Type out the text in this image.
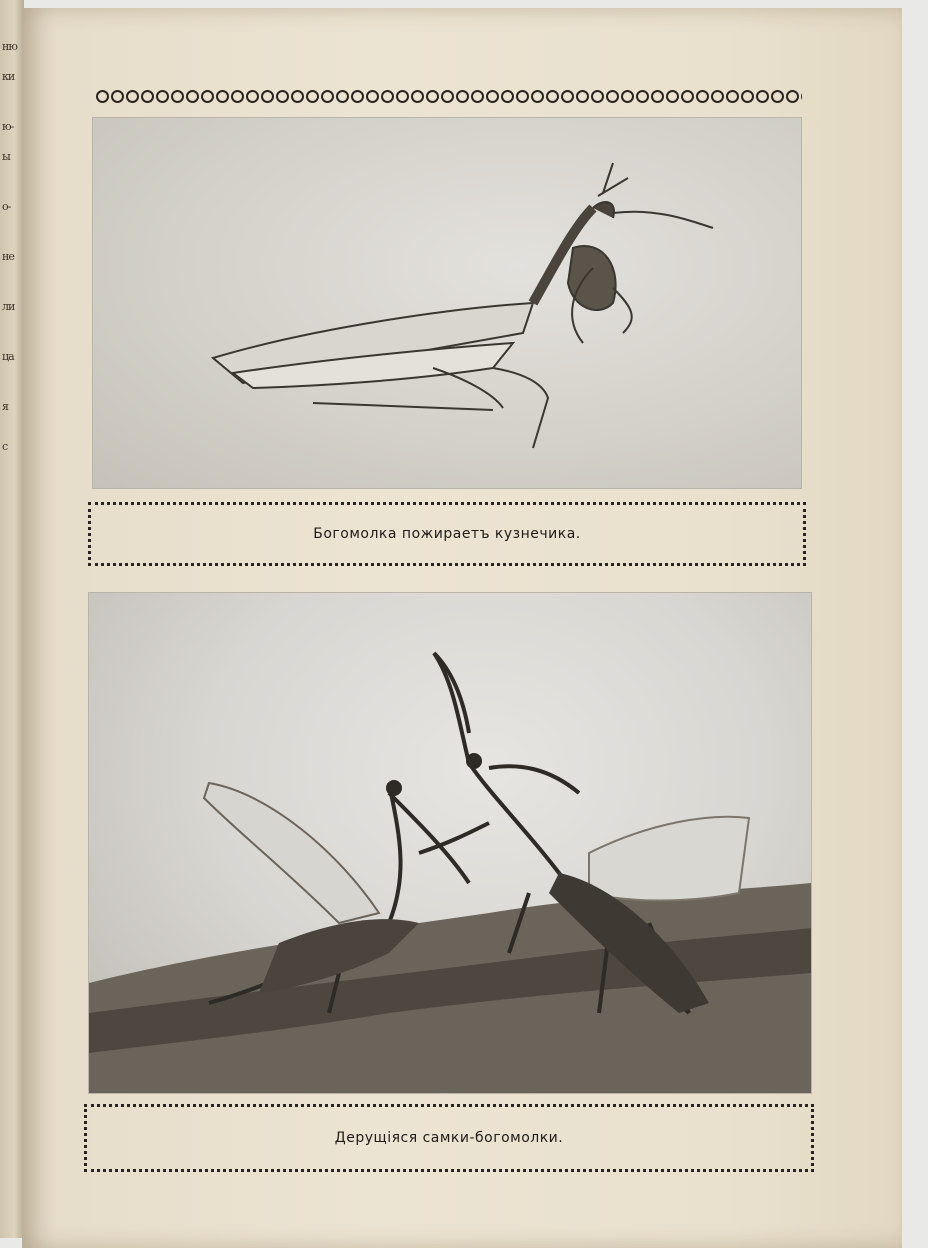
ню
ки
ю-
ы
о-
не
ли
ца
я
с
Богомолка пожираетъ кузнечика.
Дерущіяся самки-богомолки.
